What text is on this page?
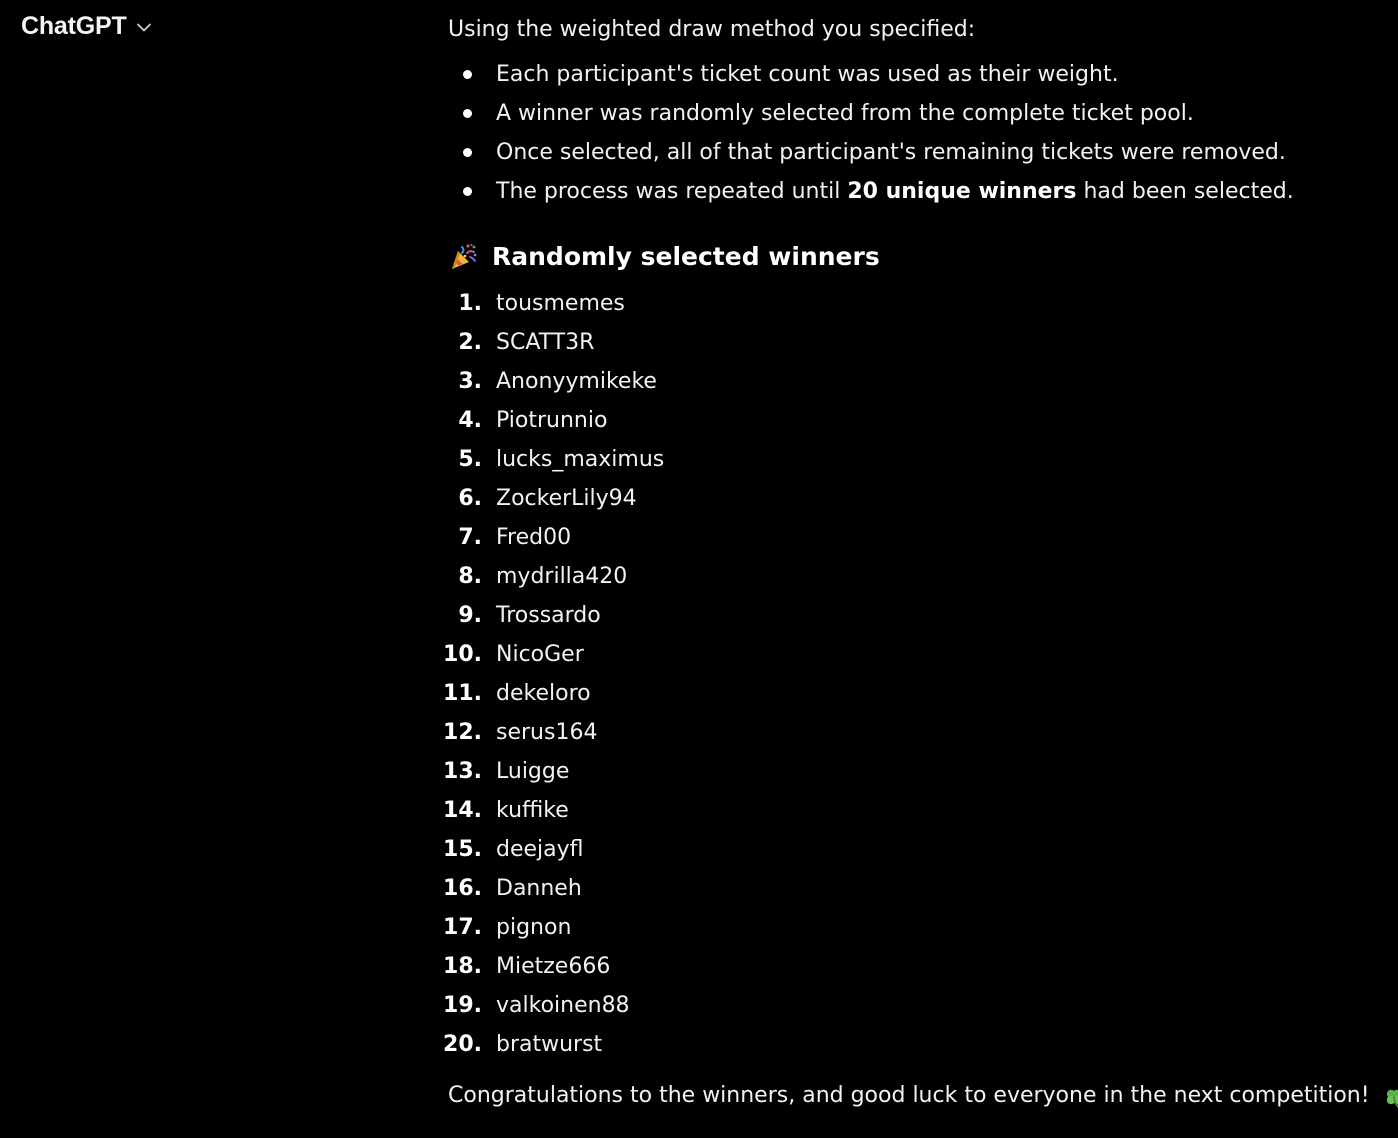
ChatGPT	Using the weighted draw method you specified:

Each participant's ticket count was used as their weight.
A winner was randomly selected from the complete ticket pool.
Once selected, all of that participant's remaining tickets were removed.
The process was repeated until 20 unique winners had been selected.
Randomly selected winners
1. tousmemes
2. SCATT3R
3. Anonyymikeke
4. Piotrunnio
5. lucks_maximus
6. ZockerLily94
7. Fred00
8. mydrilla420
9. Trossardo
10. NicoGer
11. dekeloro
12. serus164
13. Luigge
14. kuffike
15. deejayfl
16. Danneh
17. pignon
18. Mietze666
19. valkoinen88
20. bratwurst
Congratulations to the winners, and good luck to everyone in the next competition!
